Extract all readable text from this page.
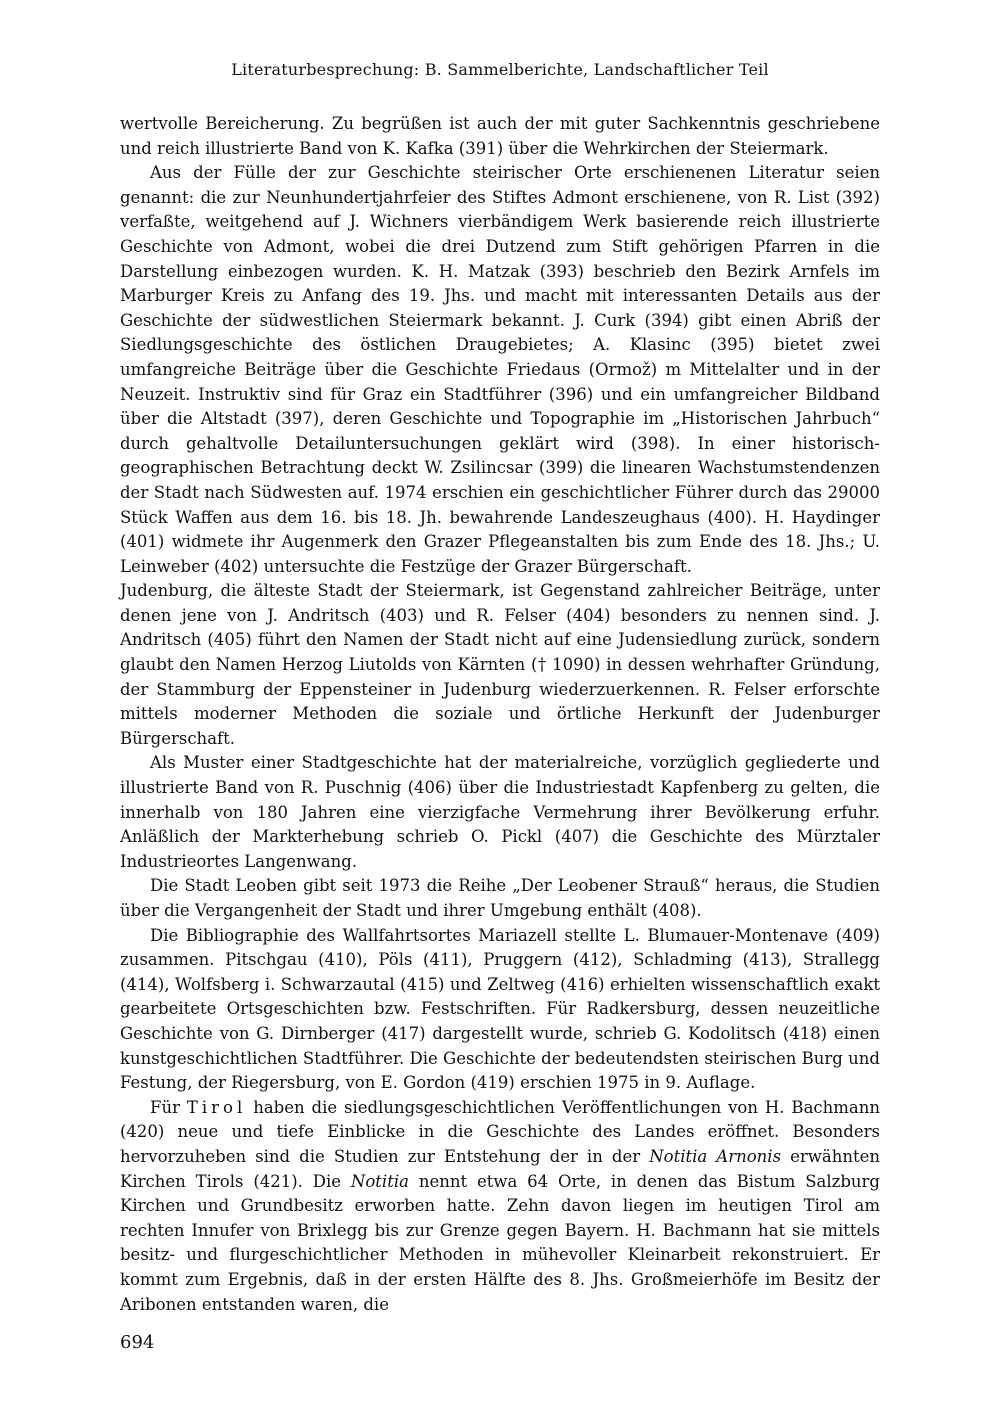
Literaturbesprechung: B. Sammelberichte, Landschaftlicher Teil

wertvolle Bereicherung. Zu begrüßen ist auch der mit guter Sachkenntnis geschriebene und reich illustrierte Band von K. Kafka (391) über die Wehrkirchen der Steiermark.

Aus der Fülle der zur Geschichte steirischer Orte erschienenen Literatur seien genannt: die zur Neunhundertjahrfeier des Stiftes Admont erschienene, von R. List (392) verfaßte, weitgehend auf J. Wichners vierbändigem Werk basierende reich illustrierte Geschichte von Admont, wobei die drei Dutzend zum Stift gehörigen Pfarren in die Darstellung einbezogen wurden. K. H. Matzak (393) beschrieb den Bezirk Arnfels im Marburger Kreis zu Anfang des 19. Jhs. und macht mit interessanten Details aus der Geschichte der südwestlichen Steiermark bekannt. J. Curk (394) gibt einen Abriß der Siedlungsgeschichte des östlichen Draugebietes; A. Klasinc (395) bietet zwei umfangreiche Beiträge über die Geschichte Friedaus (Ormož) m Mittelalter und in der Neuzeit. Instruktiv sind für Graz ein Stadtführer (396) und ein umfangreicher Bildband über die Altstadt (397), deren Geschichte und Topographie im „Historischen Jahrbuch“ durch gehaltvolle Detailuntersuchungen geklärt wird (398). In einer historisch-geographischen Betrachtung deckt W. Zsilincsar (399) die linearen Wachstumstendenzen der Stadt nach Südwesten auf. 1974 erschien ein geschichtlicher Führer durch das 29000 Stück Waffen aus dem 16. bis 18. Jh. bewahrende Landeszeughaus (400). H. Haydinger (401) widmete ihr Augenmerk den Grazer Pflegeanstalten bis zum Ende des 18. Jhs.; U. Leinweber (402) untersuchte die Festzüge der Grazer Bürgerschaft.

Judenburg, die älteste Stadt der Steiermark, ist Gegenstand zahlreicher Beiträge, unter denen jene von J. Andritsch (403) und R. Felser (404) besonders zu nennen sind. J. Andritsch (405) führt den Namen der Stadt nicht auf eine Judensiedlung zurück, sondern glaubt den Namen Herzog Liutolds von Kärnten († 1090) in dessen wehrhafter Gründung, der Stammburg der Eppensteiner in Judenburg wiederzuerkennen. R. Felser erforschte mittels moderner Methoden die soziale und örtliche Herkunft der Judenburger Bürgerschaft.

Als Muster einer Stadtgeschichte hat der materialreiche, vorzüglich gegliederte und illustrierte Band von R. Puschnig (406) über die Industriestadt Kapfenberg zu gelten, die innerhalb von 180 Jahren eine vierzigfache Vermehrung ihrer Bevölkerung erfuhr. Anläßlich der Markterhebung schrieb O. Pickl (407) die Geschichte des Mürztaler Industrieortes Langenwang.

Die Stadt Leoben gibt seit 1973 die Reihe „Der Leobener Strauß“ heraus, die Studien über die Vergangenheit der Stadt und ihrer Umgebung enthält (408).

Die Bibliographie des Wallfahrtsortes Mariazell stellte L. Blumauer-Montenave (409) zusammen. Pitschgau (410), Pöls (411), Pruggern (412), Schladming (413), Strallegg (414), Wolfsberg i. Schwarzautal (415) und Zeltweg (416) erhielten wissenschaftlich exakt gearbeitete Ortsgeschichten bzw. Festschriften. Für Radkersburg, dessen neuzeitliche Geschichte von G. Dirnberger (417) dargestellt wurde, schrieb G. Kodolitsch (418) einen kunstgeschichtlichen Stadtführer. Die Geschichte der bedeutendsten steirischen Burg und Festung, der Riegersburg, von E. Gordon (419) erschien 1975 in 9. Auflage.

Für Tirol haben die siedlungsgeschichtlichen Veröffentlichungen von H. Bachmann (420) neue und tiefe Einblicke in die Geschichte des Landes eröffnet. Besonders hervorzuheben sind die Studien zur Entstehung der in der Notitia Arnonis erwähnten Kirchen Tirols (421). Die Notitia nennt etwa 64 Orte, in denen das Bistum Salzburg Kirchen und Grundbesitz erworben hatte. Zehn davon liegen im heutigen Tirol am rechten Innufer von Brixlegg bis zur Grenze gegen Bayern. H. Bachmann hat sie mittels besitz- und flurgeschichtlicher Methoden in mühevoller Kleinarbeit rekonstruiert. Er kommt zum Ergebnis, daß in der ersten Hälfte des 8. Jhs. Großmeierhöfe im Besitz der Aribonen entstanden waren, die

694
